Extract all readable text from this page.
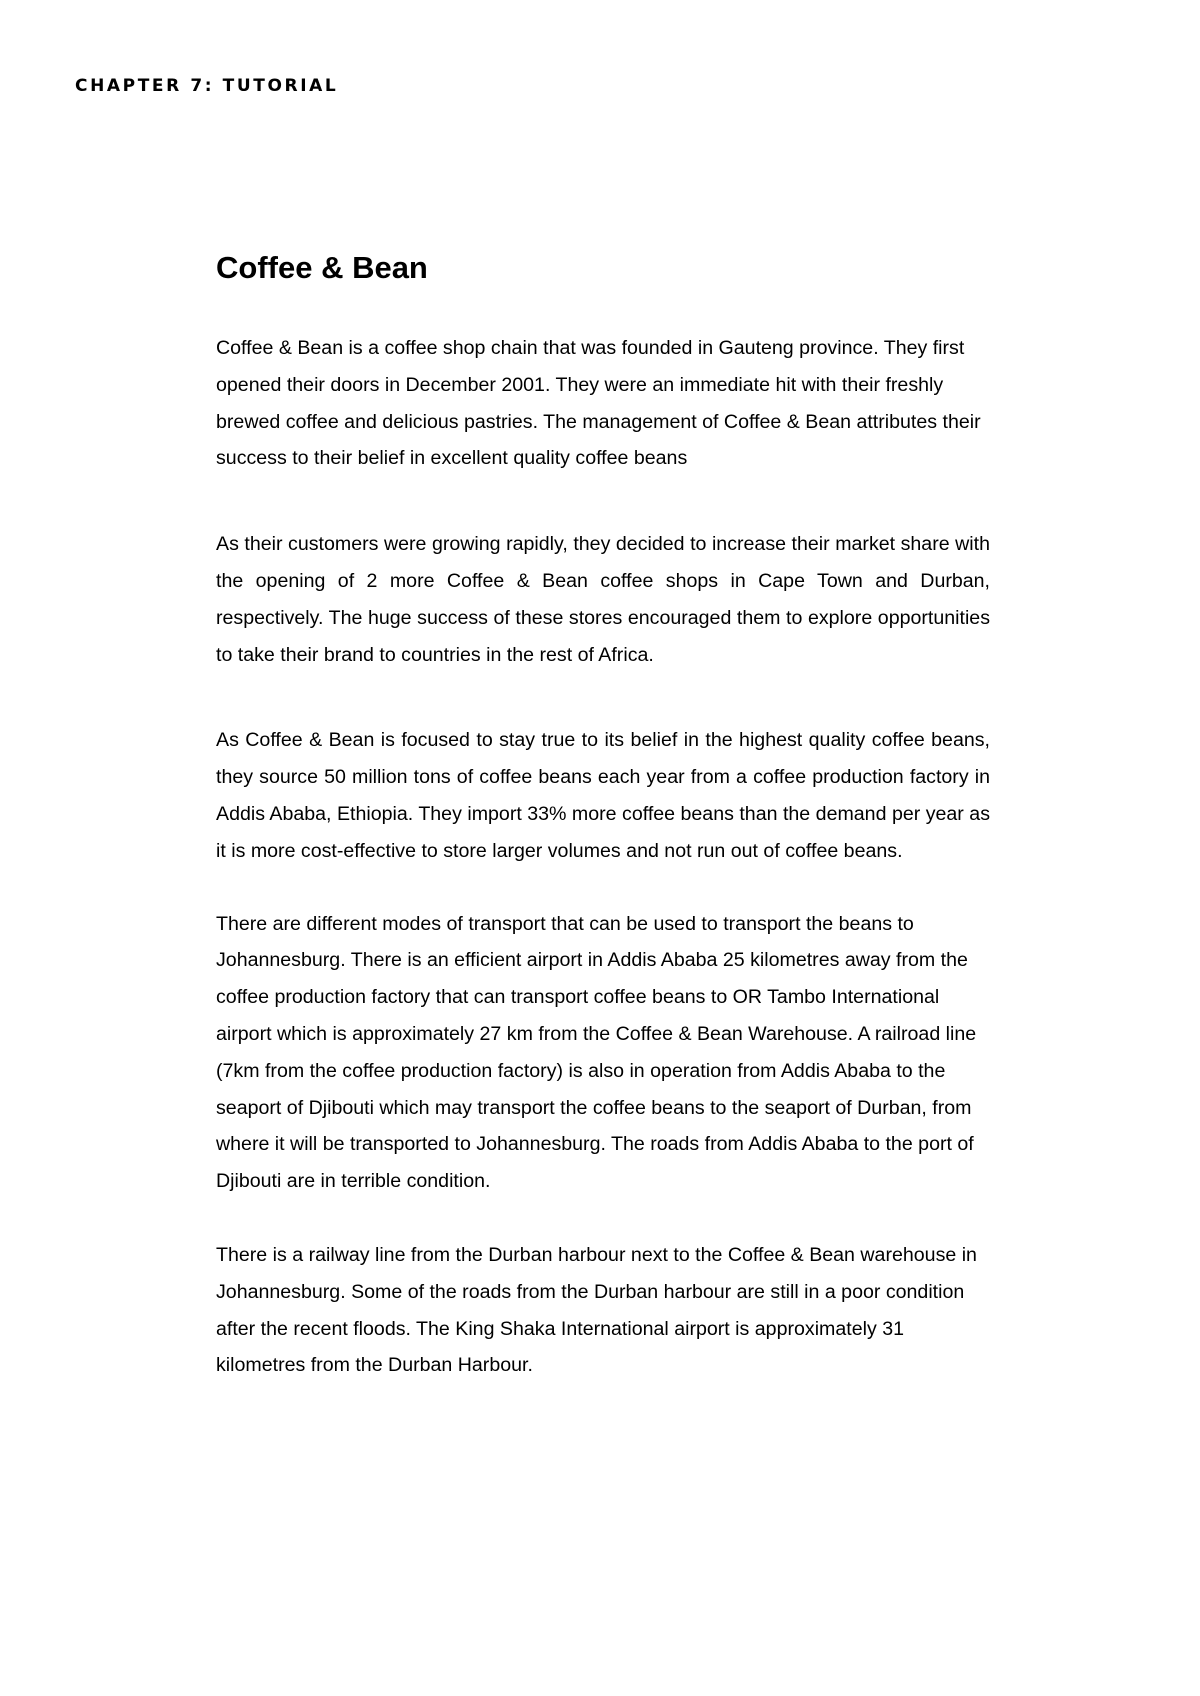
CHAPTER 7: TUTORIAL
Coffee & Bean

Coffee & Bean is a coffee shop chain that was founded in Gauteng province. They first opened their doors in December 2001. They were an immediate hit with their freshly brewed coffee and delicious pastries. The management of Coffee & Bean attributes their success to their belief in excellent quality coffee beans

As their customers were growing rapidly, they decided to increase their market share with the opening of 2 more Coffee & Bean coffee shops in Cape Town and Durban, respectively. The huge success of these stores encouraged them to explore opportunities to take their brand to countries in the rest of Africa.

As Coffee & Bean is focused to stay true to its belief in the highest quality coffee beans, they source 50 million tons of coffee beans each year from a coffee production factory in Addis Ababa, Ethiopia. They import 33% more coffee beans than the demand per year as it is more cost-effective to store larger volumes and not run out of coffee beans.

There are different modes of transport that can be used to transport the beans to Johannesburg. There is an efficient airport in Addis Ababa 25 kilometres away from the coffee production factory that can transport coffee beans to OR Tambo International airport which is approximately 27 km from the Coffee & Bean Warehouse. A railroad line (7km from the coffee production factory) is also in operation from Addis Ababa to the seaport of Djibouti which may transport the coffee beans to the seaport of Durban, from where it will be transported to Johannesburg. The roads from Addis Ababa to the port of Djibouti are in terrible condition.

There is a railway line from the Durban harbour next to the Coffee & Bean warehouse in Johannesburg. Some of the roads from the Durban harbour are still in a poor condition after the recent floods. The King Shaka International airport is approximately 31 kilometres from the Durban Harbour.
